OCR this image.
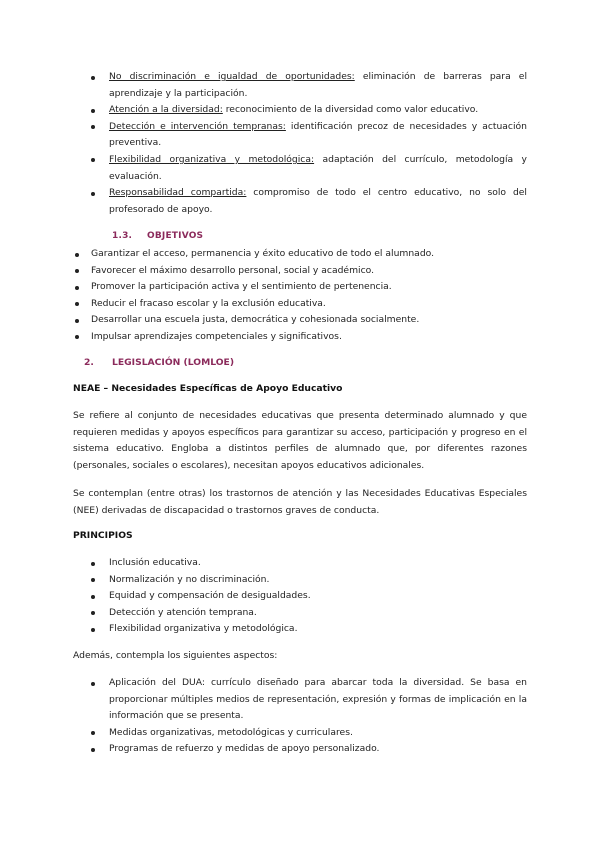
No discriminación e igualdad de oportunidades: eliminación de barreras para el aprendizaje y la participación.
Atención a la diversidad: reconocimiento de la diversidad como valor educativo.
Detección e intervención tempranas: identificación precoz de necesidades y actuación preventiva.
Flexibilidad organizativa y metodológica: adaptación del currículo, metodología y evaluación.
Responsabilidad compartida: compromiso de todo el centro educativo, no solo del profesorado de apoyo.
1.3. OBJETIVOS
Garantizar el acceso, permanencia y éxito educativo de todo el alumnado.
Favorecer el máximo desarrollo personal, social y académico.
Promover la participación activa y el sentimiento de pertenencia.
Reducir el fracaso escolar y la exclusión educativa.
Desarrollar una escuela justa, democrática y cohesionada socialmente.
Impulsar aprendizajes competenciales y significativos.
2. LEGISLACIÓN (LOMLOE)
NEAE – Necesidades Específicas de Apoyo Educativo

Se refiere al conjunto de necesidades educativas que presenta determinado alumnado y que requieren medidas y apoyos específicos para garantizar su acceso, participación y progreso en el sistema educativo. Engloba a distintos perfiles de alumnado que, por diferentes razones (personales, sociales o escolares), necesitan apoyos educativos adicionales.

Se contemplan (entre otras) los trastornos de atención y las Necesidades Educativas Especiales (NEE) derivadas de discapacidad o trastornos graves de conducta.

PRINCIPIOS
Inclusión educativa.
Normalización y no discriminación.
Equidad y compensación de desigualdades.
Detección y atención temprana.
Flexibilidad organizativa y metodológica.

Además, contempla los siguientes aspectos:

Aplicación del DUA: currículo diseñado para abarcar toda la diversidad. Se basa en proporcionar múltiples medios de representación, expresión y formas de implicación en la información que se presenta.
Medidas organizativas, metodológicas y curriculares.
Programas de refuerzo y medidas de apoyo personalizado.
